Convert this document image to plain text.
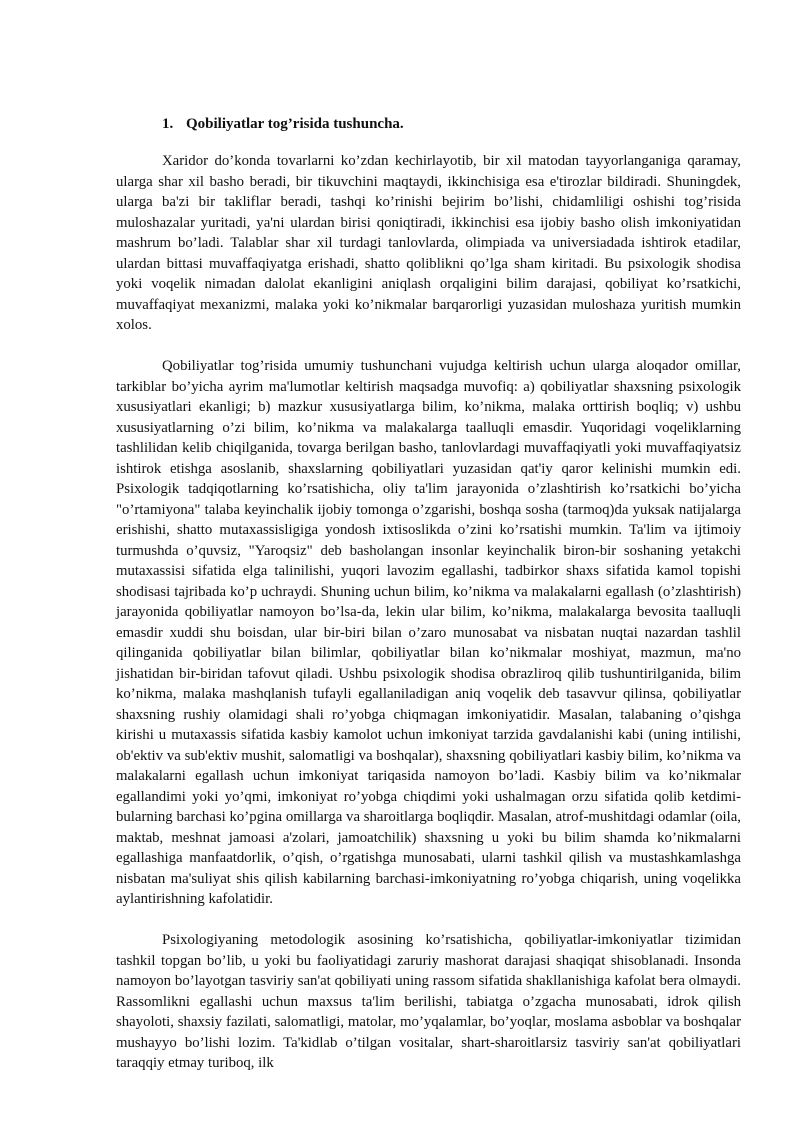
1. Qobiliyatlar tog’risida tushuncha.

Xaridor do’konda tovarlarni ko’zdan kechirlayotib, bir xil matodan tayyorlanganiga qaramay, ularga shar xil basho beradi, bir tikuvchini maqtaydi, ikkinchisiga esa e'tirozlar bildiradi. Shuningdek, ularga ba'zi bir takliflar beradi, tashqi ko’rinishi bejirim bo’lishi, chidamliligi oshishi tog’risida muloshazalar yuritadi, ya'ni ulardan birisi qoniqtiradi, ikkinchisi esa ijobiy basho olish imkoniyatidan mashrum bo’ladi. Talablar shar xil turdagi tanlovlarda, olimpiada va universiadada ishtirok etadilar, ulardan bittasi muvaffaqiyatga erishadi, shatto qoliblikni qo’lga sham kiritadi. Bu psixologik shodisa yoki voqelik nimadan dalolat ekanligini aniqlash orqaligini bilim darajasi, qobiliyat ko’rsatkichi, muvaffaqiyat mexanizmi, malaka yoki ko’nikmalar barqarorligi yuzasidan muloshaza yuritish mumkin xolos.

Qobiliyatlar tog’risida umumiy tushunchani vujudga keltirish uchun ularga aloqador omillar, tarkiblar bo’yicha ayrim ma'lumotlar keltirish maqsadga muvofiq: a) qobiliyatlar shaxsning psixologik xususiyatlari ekanligi; b) mazkur xususiyatlarga bilim, ko’nikma, malaka orttirish boqliq; v) ushbu xususiyatlarning o’zi bilim, ko’nikma va malakalarga taalluqli emasdir. Yuqoridagi voqeliklarning tashlilidan kelib chiqilganida, tovarga berilgan basho, tanlovlardagi muvaffaqiyatli yoki muvaffaqiyatsiz ishtirok etishga asoslanib, shaxslarning qobiliyatlari yuzasidan qat'iy qaror kelinishi mumkin edi. Psixologik tadqiqotlarning ko’rsatishicha, oliy ta'lim jarayonida o’zlashtirish ko’rsatkichi bo’yicha "o’rtamiyona" talaba keyinchalik ijobiy tomonga o’zgarishi, boshqa sosha (tarmoq)da yuksak natijalarga erishishi, shatto mutaxassisligiga yondosh ixtisoslikda o’zini ko’rsatishi mumkin. Ta'lim va ijtimoiy turmushda o’quvsiz, "Yaroqsiz" deb basholangan insonlar keyinchalik biron-bir soshaning yetakchi mutaxassisi sifatida elga talinilishi, yuqori lavozim egallashi, tadbirkor shaxs sifatida kamol topishi shodisasi tajribada ko’p uchraydi. Shuning uchun bilim, ko’nikma va malakalarni egallash (o’zlashtirish) jarayonida qobiliyatlar namoyon bo’lsa-da, lekin ular bilim, ko’nikma, malakalarga bevosita taalluqli emasdir xuddi shu boisdan, ular bir-biri bilan o’zaro munosabat va nisbatan nuqtai nazardan tashlil qilinganida qobiliyatlar bilan bilimlar, qobiliyatlar bilan ko’nikmalar moshiyat, mazmun, ma'no jishatidan bir-biridan tafovut qiladi. Ushbu psixologik shodisa obrazliroq qilib tushuntirilganida, bilim ko’nikma, malaka mashqlanish tufayli egallaniladigan aniq voqelik deb tasavvur qilinsa, qobiliyatlar shaxsning rushiy olamidagi shali ro’yobga chiqmagan imkoniyatidir. Masalan, talabaning o’qishga kirishi u mutaxassis sifatida kasbiy kamolot uchun imkoniyat tarzida gavdalanishi kabi (uning intilishi, ob'ektiv va sub'ektiv mushit, salomatligi va boshqalar), shaxsning qobiliyatlari kasbiy bilim, ko’nikma va malakalarni egallash uchun imkoniyat tariqasida namoyon bo’ladi. Kasbiy bilim va ko’nikmalar egallandimi yoki yo’qmi, imkoniyat ro’yobga chiqdimi yoki ushalmagan orzu sifatida qolib ketdimi-bularning barchasi ko’pgina omillarga va sharoitlarga boqliqdir. Masalan, atrof-mushitdagi odamlar (oila, maktab, meshnat jamoasi a'zolari, jamoatchilik) shaxsning u yoki bu bilim shamda ko’nikmalarni egallashiga manfaatdorlik, o’qish, o’rgatishga munosabati, ularni tashkil qilish va mustashkamlashga nisbatan ma'suliyat shis qilish kabilarning barchasi-imkoniyatning ro’yobga chiqarish, uning voqelikka aylantirishning kafolatidir.

Psixologiyaning metodologik asosining ko’rsatishicha, qobiliyatlar-imkoniyatlar tizimidan tashkil topgan bo’lib, u yoki bu faoliyatidagi zaruriy mashorat darajasi shaqiqat shisoblanadi. Insonda namoyon bo’layotgan tasviriy san'at qobiliyati uning rassom sifatida shakllanishiga kafolat bera olmaydi. Rassomlikni egallashi uchun maxsus ta'lim berilishi, tabiatga o’zgacha munosabati, idrok qilish shayoloti, shaxsiy fazilati, salomatligi, matolar, mo’yqalamlar, bo’yoqlar, moslama asboblar va boshqalar mushayyo bo’lishi lozim. Ta'kidlab o’tilgan vositalar, shart-sharoitlarsiz tasviriy san'at qobiliyatlari taraqqiy etmay turiboq, ilk
